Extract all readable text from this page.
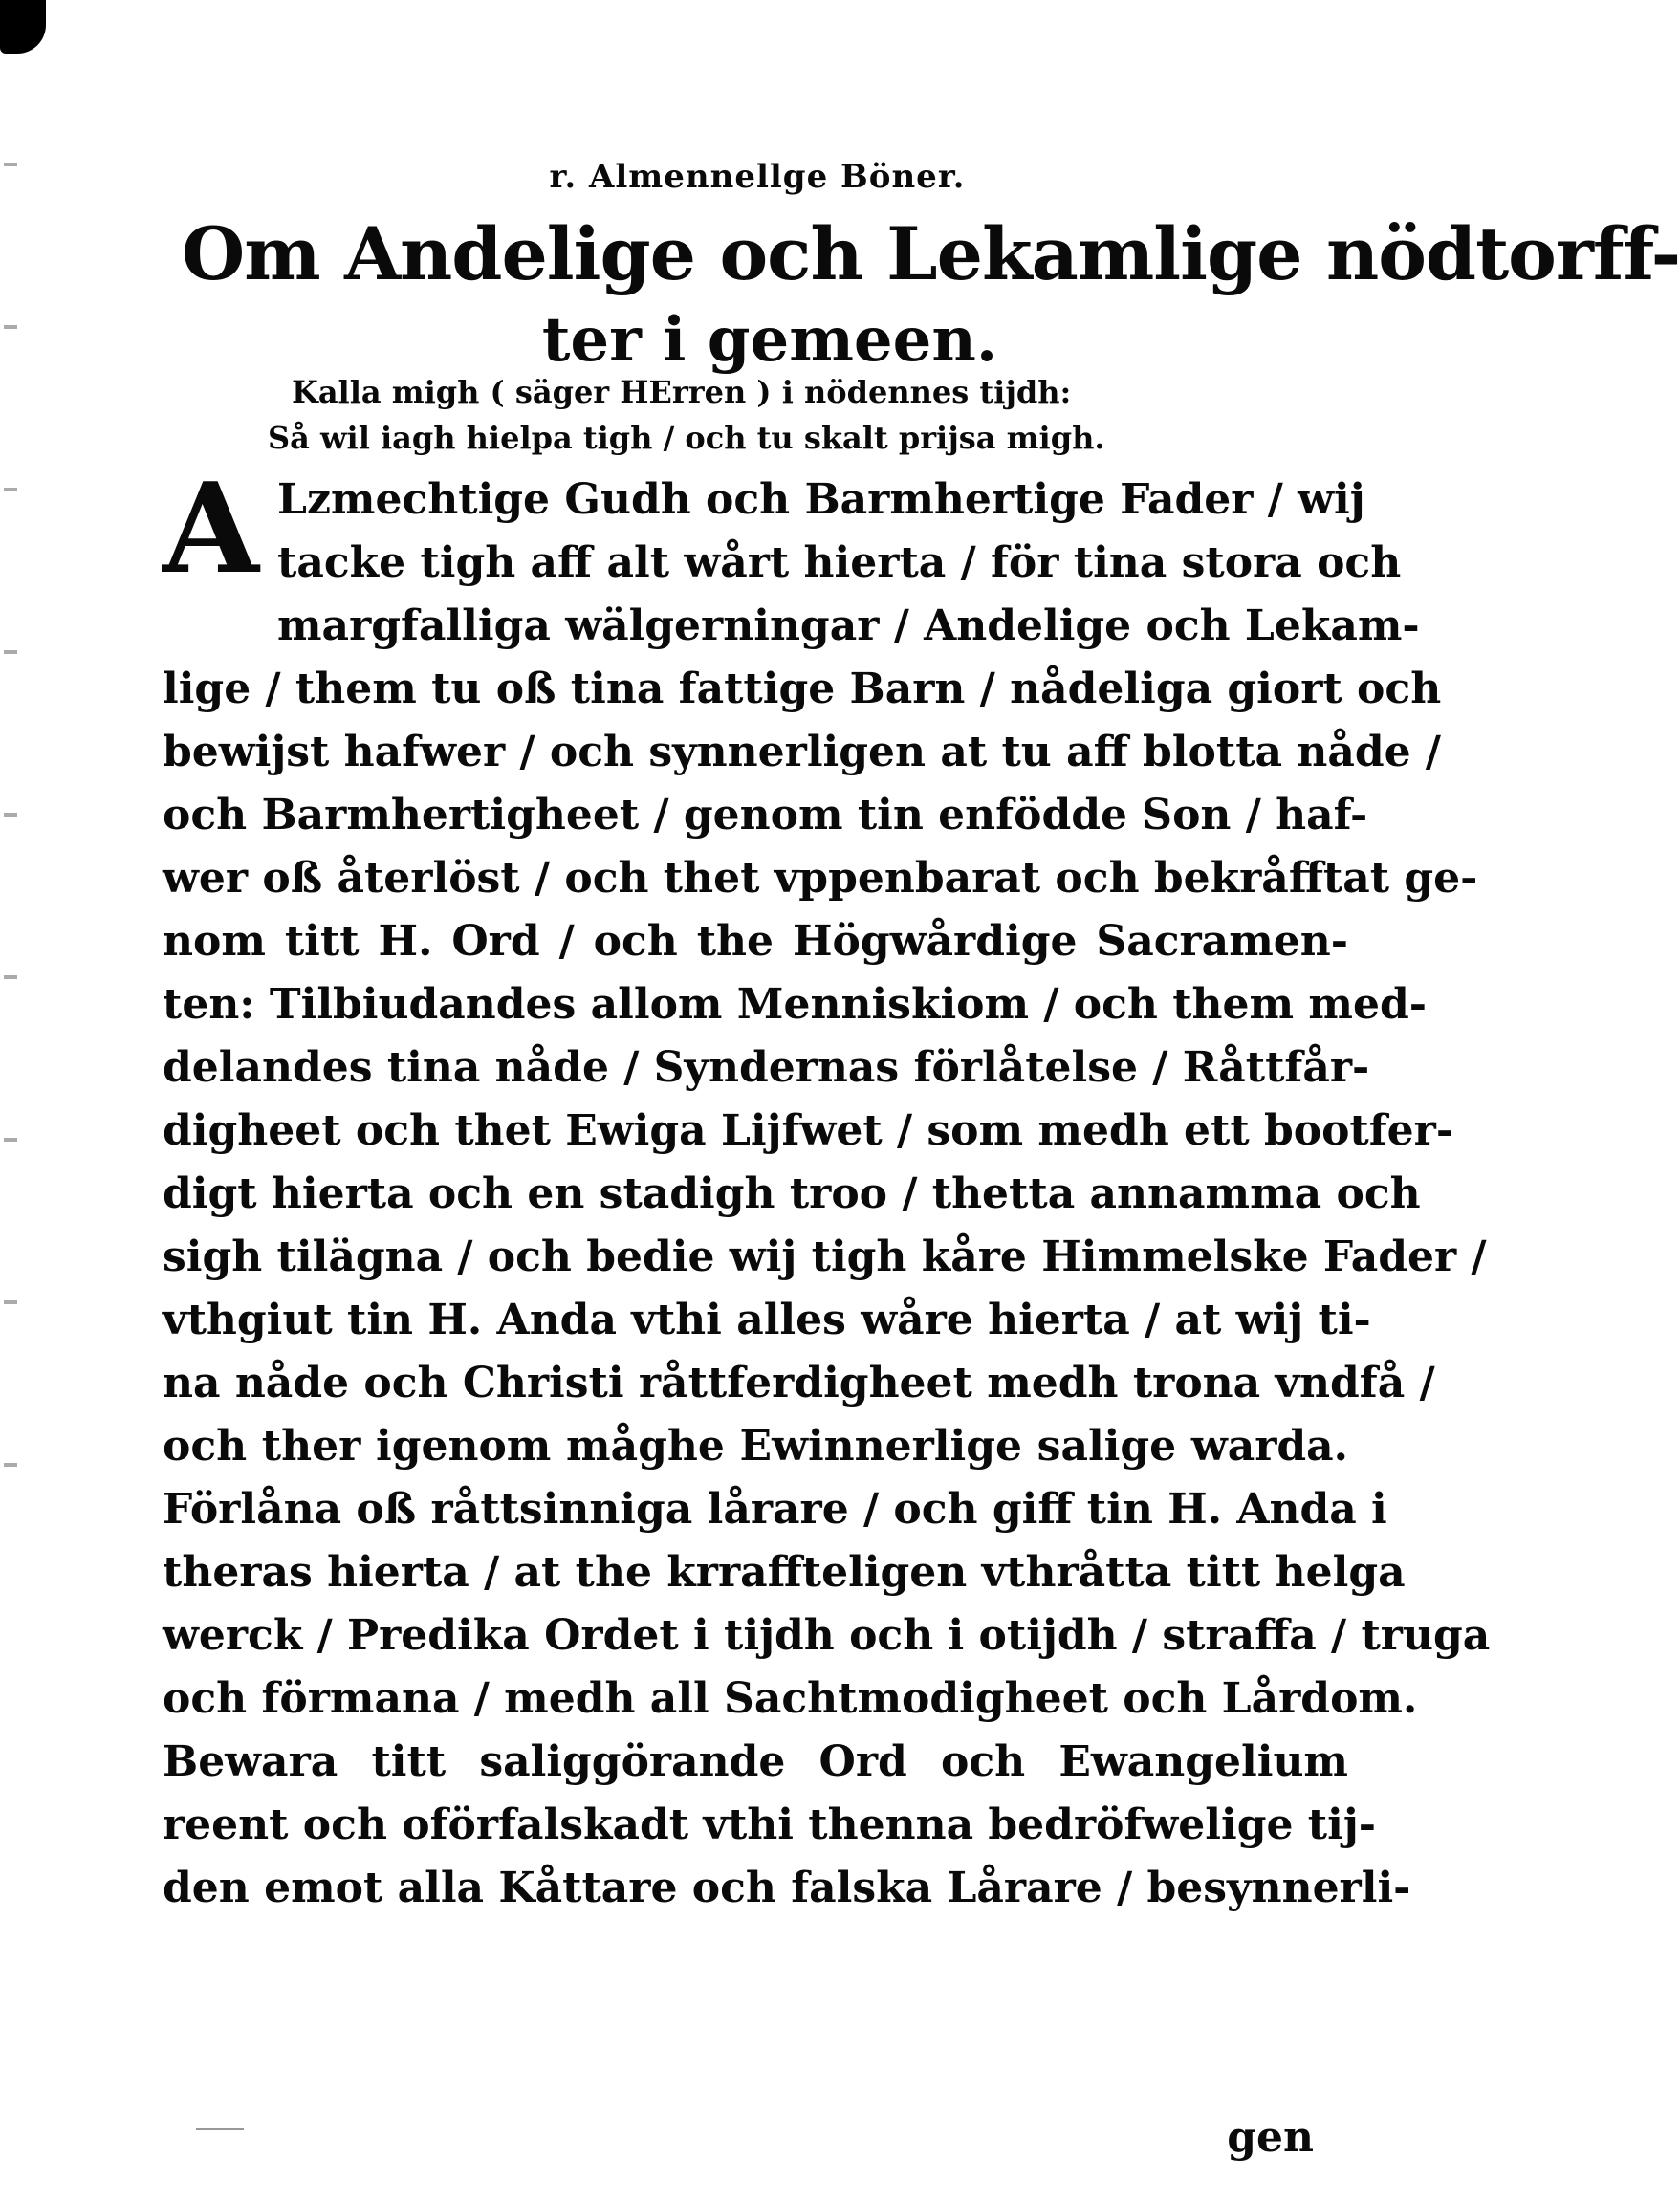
r. Almennellge Böner.
Om Andelige och Lekamlige nödtorff-
ter i gemeen.
Kalla migh ( säger HErren ) i nödennes tijdh:
Så wil iagh hielpa tigh / och tu skalt prijsa migh.
A Lzmechtige Gudh och Barmhertige Fader / wij
tacke tigh aff alt wårt hierta / för tina stora och
margfalliga wälgerningar / Andelige och Lekam-
lige / them tu oß tina fattige Barn / nådeliga giort och
bewijst hafwer / och synnerligen at tu aff blotta nåde /
och Barmhertigheet / genom tin enfödde Son / haf-
wer oß återlöst / och thet vppenbarat och bekråfftat ge-
nom titt H. Ord / och the Högwårdige Sacramen-
ten: Tilbiudandes allom Menniskiom / och them med-
delandes tina nåde / Syndernas förlåtelse / Råttfår-
digheet och thet Ewiga Lijfwet / som medh ett bootfer-
digt hierta och en stadigh troo / thetta annamma och
sigh tilägna / och bedie wij tigh kåre Himmelske Fader /
vthgiut tin H. Anda vthi alles wåre hierta / at wij ti-
na nåde och Christi råttferdigheet medh trona vndfå /
och ther igenom måghe Ewinnerlige salige warda.
Förlåna oß råttsinniga lårare / och giff tin H. Anda i
theras hierta / at the krraffteligen vthråtta titt helga
werck / Predika Ordet i tijdh och i otijdh / straffa / truga
och förmana / medh all Sachtmodigheet och Lårdom.
Bewara titt saliggörande Ord och Ewangelium
reent och oförfalskadt vthi thenna bedröfwelige tij-
den emot alla Kåttare och falska Lårare / besynnerli-
gen
